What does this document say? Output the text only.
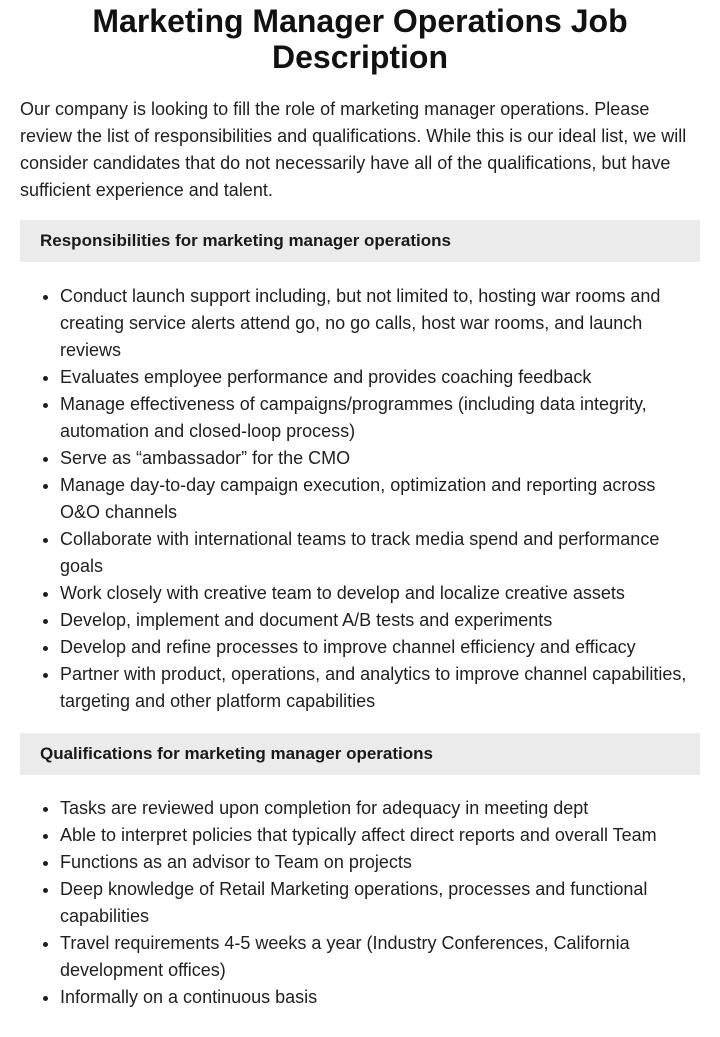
Marketing Manager Operations Job Description

Our company is looking to fill the role of marketing manager operations. Please review the list of responsibilities and qualifications. While this is our ideal list, we will consider candidates that do not necessarily have all of the qualifications, but have sufficient experience and talent.

Responsibilities for marketing manager operations
• Conduct launch support including, but not limited to, hosting war rooms and creating service alerts attend go, no go calls, host war rooms, and launch reviews
• Evaluates employee performance and provides coaching feedback
• Manage effectiveness of campaigns/programmes (including data integrity, automation and closed-loop process)
• Serve as “ambassador” for the CMO
• Manage day-to-day campaign execution, optimization and reporting across O&O channels
• Collaborate with international teams to track media spend and performance goals
• Work closely with creative team to develop and localize creative assets
• Develop, implement and document A/B tests and experiments
• Develop and refine processes to improve channel efficiency and efficacy
• Partner with product, operations, and analytics to improve channel capabilities, targeting and other platform capabilities
Qualifications for marketing manager operations
• Tasks are reviewed upon completion for adequacy in meeting dept
• Able to interpret policies that typically affect direct reports and overall Team
• Functions as an advisor to Team on projects
• Deep knowledge of Retail Marketing operations, processes and functional capabilities
• Travel requirements 4-5 weeks a year (Industry Conferences, California development offices)
• Informally on a continuous basis
